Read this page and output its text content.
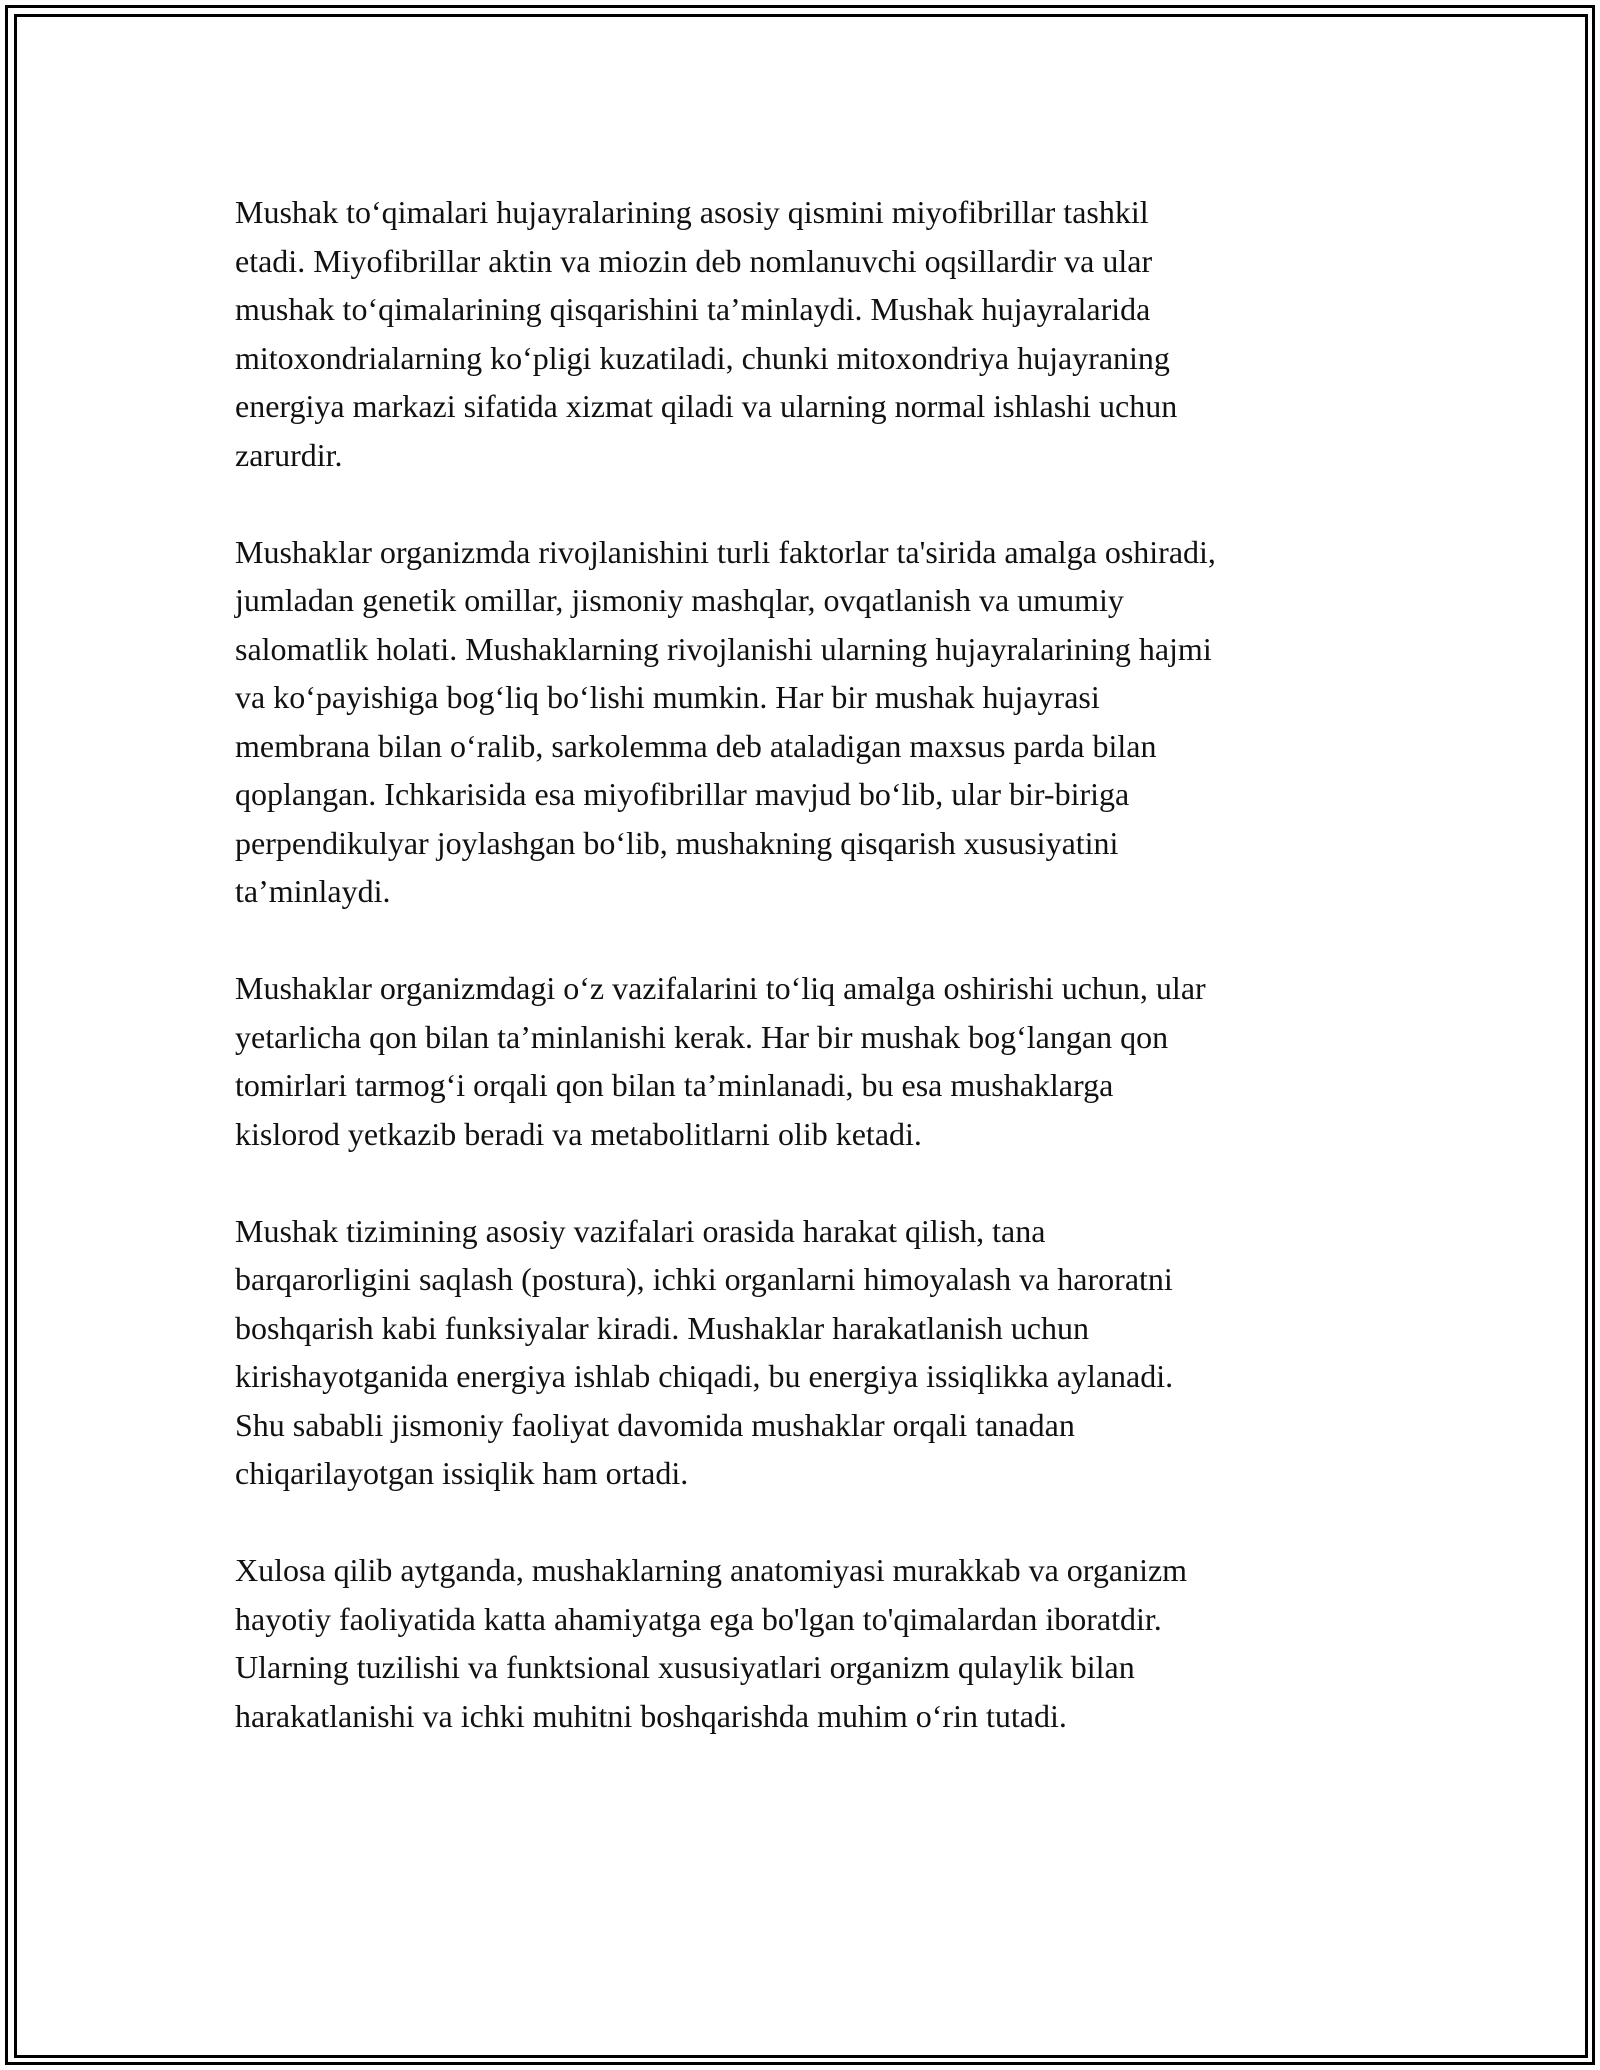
Mushak to‘qimalari hujayralarining asosiy qismini miyofibrillar tashkil
etadi. Miyofibrillar aktin va miozin deb nomlanuvchi oqsillardir va ular
mushak to‘qimalarining qisqarishini ta’minlaydi. Mushak hujayralarida
mitoxondrialarning ko‘pligi kuzatiladi, chunki mitoxondriya hujayraning
energiya markazi sifatida xizmat qiladi va ularning normal ishlashi uchun
zarurdir.

Mushaklar organizmda rivojlanishini turli faktorlar ta'sirida amalga oshiradi,
jumladan genetik omillar, jismoniy mashqlar, ovqatlanish va umumiy
salomatlik holati. Mushaklarning rivojlanishi ularning hujayralarining hajmi
va ko‘payishiga bog‘liq bo‘lishi mumkin. Har bir mushak hujayrasi
membrana bilan o‘ralib, sarkolemma deb ataladigan maxsus parda bilan
qoplangan. Ichkarisida esa miyofibrillar mavjud bo‘lib, ular bir-biriga
perpendikulyar joylashgan bo‘lib, mushakning qisqarish xususiyatini
ta’minlaydi.

Mushaklar organizmdagi o‘z vazifalarini to‘liq amalga oshirishi uchun, ular
yetarlicha qon bilan ta’minlanishi kerak. Har bir mushak bog‘langan qon
tomirlari tarmog‘i orqali qon bilan ta’minlanadi, bu esa mushaklarga
kislorod yetkazib beradi va metabolitlarni olib ketadi.

Mushak tizimining asosiy vazifalari orasida harakat qilish, tana
barqarorligini saqlash (postura), ichki organlarni himoyalash va haroratni
boshqarish kabi funksiyalar kiradi. Mushaklar harakatlanish uchun
kirishayotganida energiya ishlab chiqadi, bu energiya issiqlikka aylanadi.
Shu sababli jismoniy faoliyat davomida mushaklar orqali tanadan
chiqarilayotgan issiqlik ham ortadi.

Xulosa qilib aytganda, mushaklarning anatomiyasi murakkab va organizm
hayotiy faoliyatida katta ahamiyatga ega bo'lgan to'qimalardan iboratdir.
Ularning tuzilishi va funktsional xususiyatlari organizm qulaylik bilan
harakatlanishi va ichki muhitni boshqarishda muhim o‘rin tutadi.
